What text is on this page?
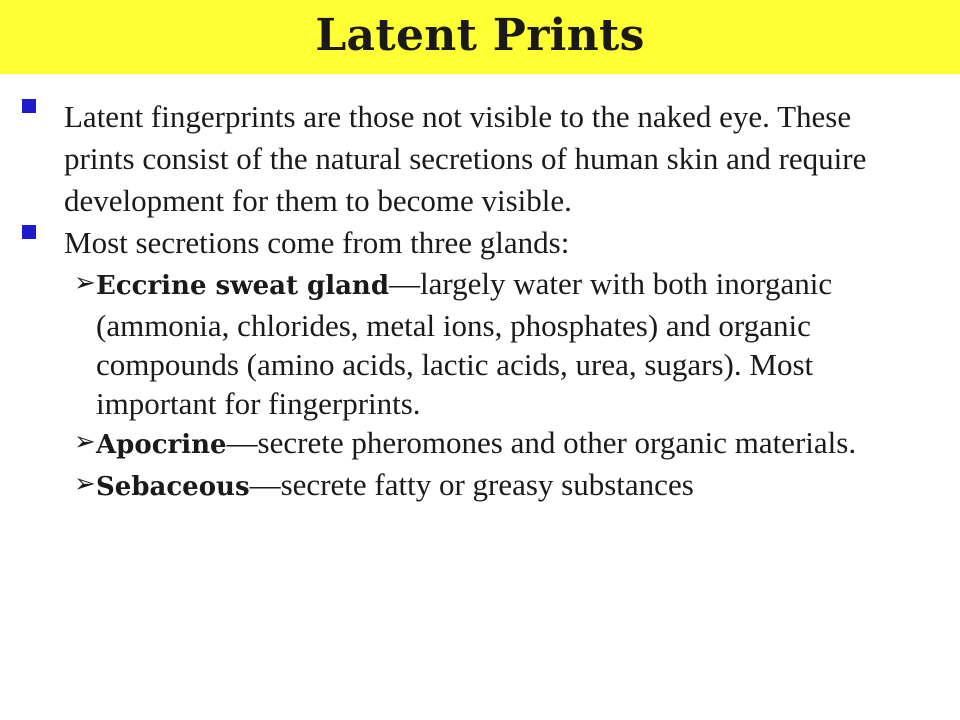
Latent Prints
Latent fingerprints are those not visible to the naked eye. These prints consist of the natural secretions of human skin and require development for them to become visible.
Most secretions come from three glands:
➢ Eccrine sweat gland—largely water with both inorganic (ammonia, chlorides, metal ions, phosphates) and organic compounds (amino acids, lactic acids, urea, sugars). Most important for fingerprints.
➢ Apocrine—secrete pheromones and other organic materials.
➢ Sebaceous—secrete fatty or greasy substances
